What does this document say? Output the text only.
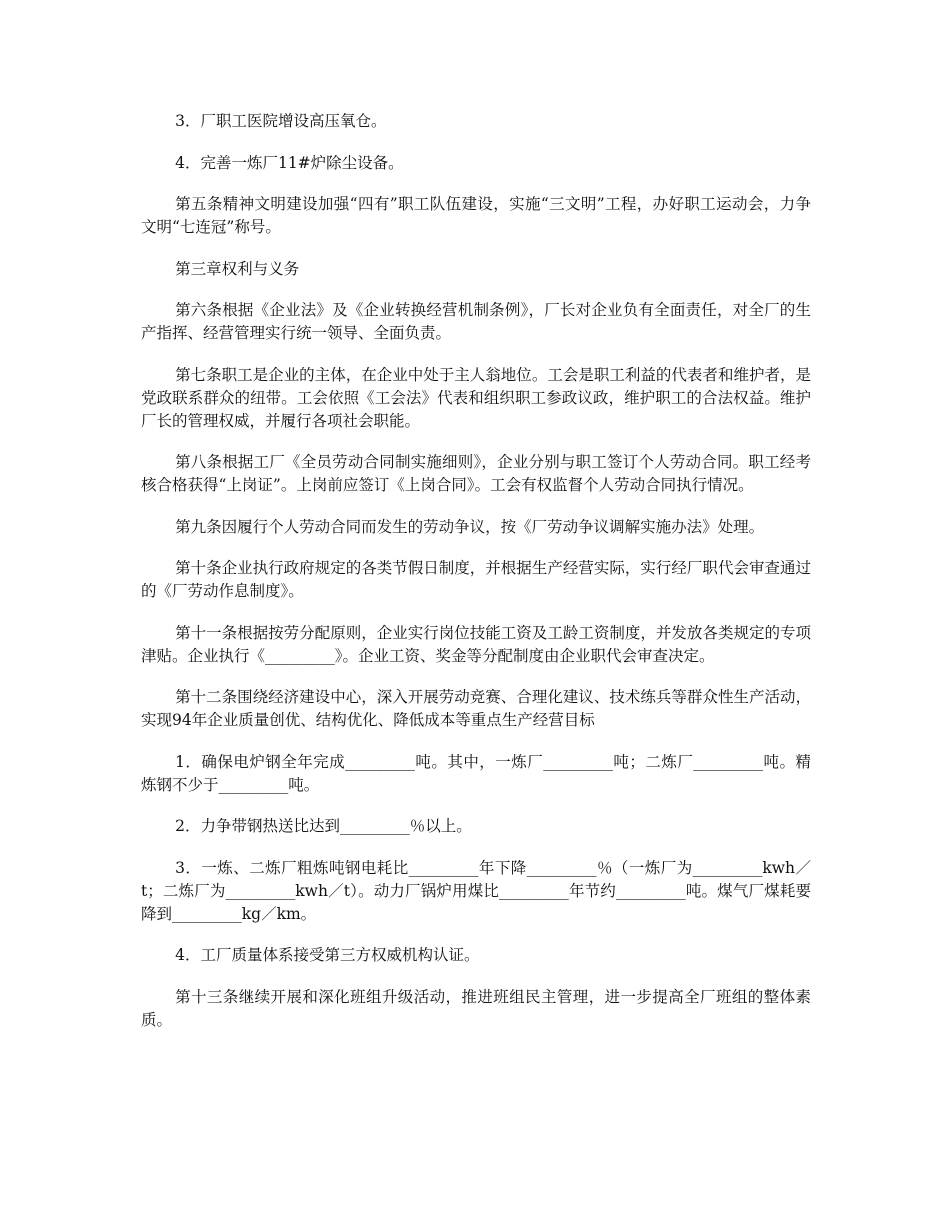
3．厂职工医院增设高压氧仓。

4．完善一炼厂11#炉除尘设备。

第五条精神文明建设加强“四有”职工队伍建设，实施“三文明”工程，办好职工运动会，力争文明“七连冠”称号。

第三章权利与义务

第六条根据《企业法》及《企业转换经营机制条例》，厂长对企业负有全面责任，对全厂的生产指挥、经营管理实行统一领导、全面负责。

第七条职工是企业的主体，在企业中处于主人翁地位。工会是职工利益的代表者和维护者，是党政联系群众的纽带。工会依照《工会法》代表和组织职工参政议政，维护职工的合法权益。维护厂长的管理权威，并履行各项社会职能。

第八条根据工厂《全员劳动合同制实施细则》，企业分别与职工签订个人劳动合同。职工经考核合格获得“上岗证”。上岗前应签订《上岗合同》。工会有权监督个人劳动合同执行情况。

第九条因履行个人劳动合同而发生的劳动争议，按《厂劳动争议调解实施办法》处理。

第十条企业执行政府规定的各类节假日制度，并根据生产经营实际，实行经厂职代会审查通过的《厂劳动作息制度》。

第十一条根据按劳分配原则，企业实行岗位技能工资及工龄工资制度，并发放各类规定的专项津贴。企业执行《_________》。企业工资、奖金等分配制度由企业职代会审查决定。

第十二条围绕经济建设中心，深入开展劳动竞赛、合理化建议、技术练兵等群众性生产活动，实现94年企业质量创优、结构优化、降低成本等重点生产经营目标

1．确保电炉钢全年完成_________吨。其中，一炼厂_________吨；二炼厂_________吨。精炼钢不少于_________吨。

2．力争带钢热送比达到_________％以上。

3．一炼、二炼厂粗炼吨钢电耗比_________年下降_________％（一炼厂为_________kwh／t；二炼厂为_________kwh／t）。动力厂锅炉用煤比_________年节约_________吨。煤气厂煤耗要降到_________kg／km。

4．工厂质量体系接受第三方权威机构认证。

第十三条继续开展和深化班组升级活动，推进班组民主管理，进一步提高全厂班组的整体素质。
